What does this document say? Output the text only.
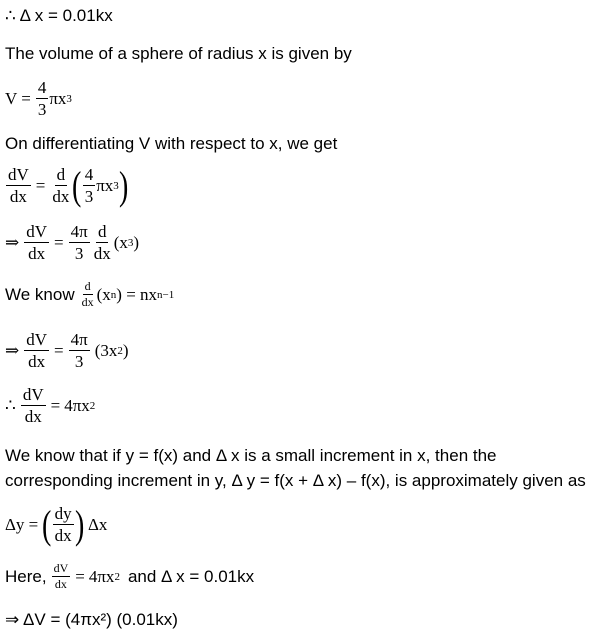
∴ Δ x = 0.01kx
The volume of a sphere of radius x is given by
$V = \frac{4}{3}$ πx 3
On differentiating V with respect to x, we get
$\frac{dV}{dx} = \frac{d}{dx}$ ( $\frac{4}{3}$ πx 3 )
⇒ $\frac{dV}{dx} = \frac{4\pi}{3} \frac{d}{dx} (x$ 3 )
We know $\frac{d}{dx} (x$ n ) = nx n−1
⇒ $\frac{dV}{dx} = \frac{4\pi}{3} (3x$ 2 )
∴ $\frac{dV}{dx} = 4\pi x$ 2
We know that if y = f(x) and Δ x is a small increment in x, then the
corresponding increment in y, Δ y = f(x + Δ x) – f(x), is approximately given as
Δy = ( $\frac{dy}{dx}$ ) Δx
Here, $\frac{dV}{dx} = 4\pi x$ 2 and Δ x = 0.01kx
⇒ ΔV = (4πx²) (0.01kx)
